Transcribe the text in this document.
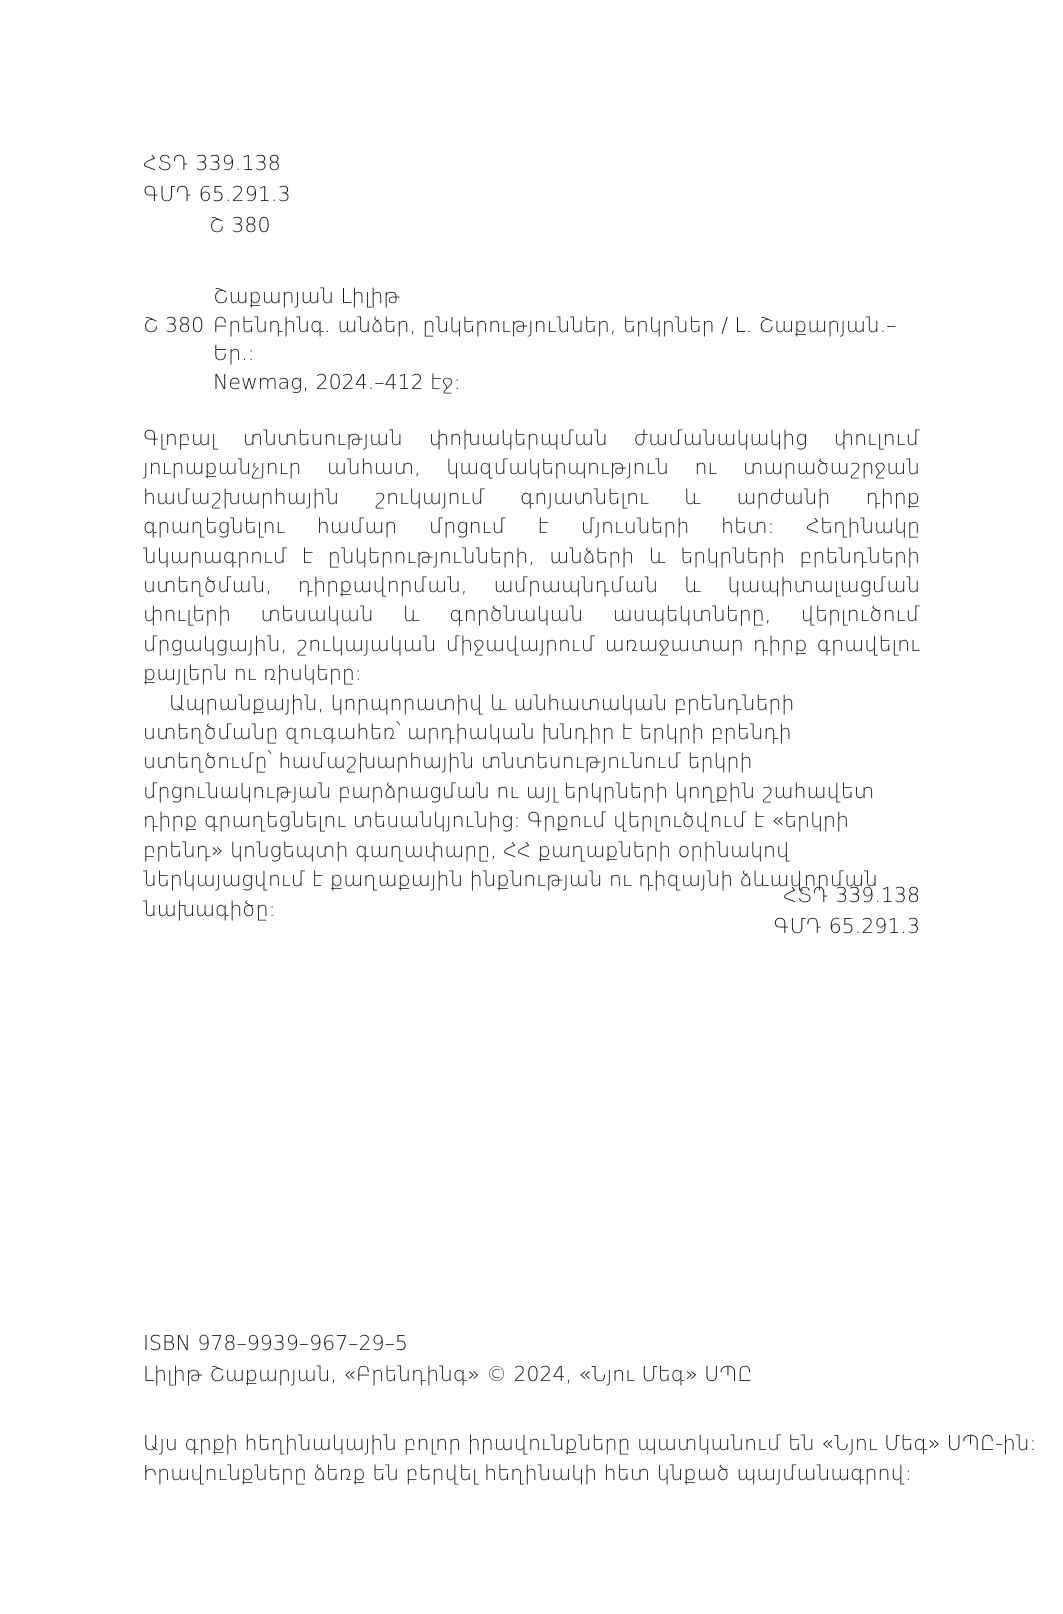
ՀՏԴ 339.138
ԳՄԴ 65.291.3
Շ 380
Շաքարյան Լիլիթ
Շ 380 Բրենդինգ. անձեր, ընկերություններ, երկրներ / Լ. Շաքարյան.– Եր.:
Newmag, 2024.–412 էջ:

Գլոբալ տնտեսության փոխակերպման ժամանակակից փուլում յուրաքանչյուր անհատ, կազմակերպություն ու տարածաշրջան համաշխարհային շուկայում գոյատնելու և արժանի դիրք գրաղեցնելու համար մրցում է մյուսների հետ: Հեղինակը նկարագրում է ընկերությունների, անձերի և երկրների բրենդների ստեղծման, դիրքավորման, ամրապնդման և կապիտալացման փուլերի տեսական և գործնական ասպեկտները, վերլուծում մրցակցային, շուկայական միջավայրում առաջատար դիրք գրավելու քայլերն ու ռիսկերը:

Ապրանքային, կորպորատիվ և անհատական բրենդների ստեղծմանը զուգահեռ՝ արդիական խնդիր է երկրի բրենդի ստեղծումը՝ համաշխարհային տնտեսությունում երկրի մրցունակության բարձրացման ու այլ երկրների կողքին շահավետ դիրք գրաղեցնելու տեսանկյունից: Գրքում վերլուծվում է «երկրի բրենդ» կոնցեպտի գաղափարը, ՀՀ քաղաքների օրինակով ներկայացվում է քաղաքային ինքնության ու դիզայնի ձևավորման նախագիծը:

ՀՏԴ 339.138
ԳՄԴ 65.291.3
ISBN 978–9939–967–29–5
Լիլիթ Շաքարյան, «Բրենդինգ» © 2024, «Նյու Մեգ» ՍՊԸ
Այս գրքի հեղինակային բոլոր իրավունքները պատկանում են «Նյու Մեգ» ՍՊԸ-ին:
Իրավունքները ձեռք են բերվել հեղինակի հետ կնքած պայմանագրով:
